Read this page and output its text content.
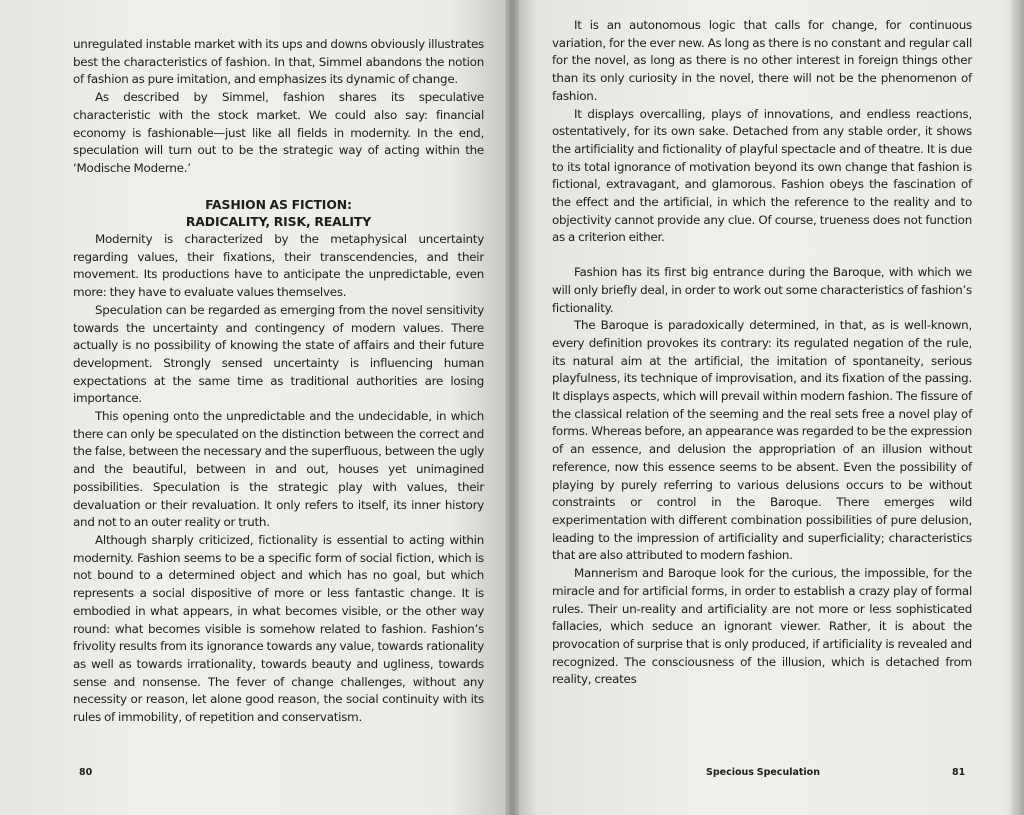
unregulated instable market with its ups and downs obviously illustrates best the characteristics of fashion. In that, Simmel abandons the notion of fashion as pure imitation, and emphasizes its dynamic of change.

As described by Simmel, fashion shares its speculative characteristic with the stock market. We could also say: financial economy is fashionable—just like all fields in modernity. In the end, speculation will turn out to be the strategic way of acting within the ‘Modische Moderne.’

FASHION AS FICTION:
RADICALITY, RISK, REALITY

Modernity is characterized by the metaphysical uncertainty regarding values, their fixations, their transcendencies, and their movement. Its productions have to anticipate the unpredictable, even more: they have to evaluate values themselves.

Speculation can be regarded as emerging from the novel sensitivity towards the uncertainty and contingency of modern values. There actually is no possibility of knowing the state of affairs and their future development. Strongly sensed uncertainty is influencing human expectations at the same time as traditional authorities are losing importance.

This opening onto the unpredictable and the undecidable, in which there can only be speculated on the distinction between the correct and the false, between the necessary and the superfluous, between the ugly and the beautiful, between in and out, houses yet unimagined possibilities. Speculation is the strategic play with values, their devaluation or their revaluation. It only refers to itself, its inner history and not to an outer reality or truth.

Although sharply criticized, fictionality is essential to acting within modernity. Fashion seems to be a specific form of social fiction, which is not bound to a determined object and which has no goal, but which represents a social dispositive of more or less fantastic change. It is embodied in what appears, in what becomes visible, or the other way round: what becomes visible is somehow related to fashion. Fashion’s frivolity results from its ignorance towards any value, towards rationality as well as towards irrationality, towards beauty and ugliness, towards sense and nonsense. The fever of change challenges, without any necessity or reason, let alone good reason, the social continuity with its rules of immobility, of repetition and conservatism.

80

It is an autonomous logic that calls for change, for continuous variation, for the ever new. As long as there is no constant and regular call for the novel, as long as there is no other interest in foreign things other than its only curiosity in the novel, there will not be the phenomenon of fashion.

It displays overcalling, plays of innovations, and endless reactions, ostentatively, for its own sake. Detached from any stable order, it shows the artificiality and fictionality of playful spectacle and of theatre. It is due to its total ignorance of motivation beyond its own change that fashion is fictional, extravagant, and glamorous. Fashion obeys the fascination of the effect and the artificial, in which the reference to the reality and to objectivity cannot provide any clue. Of course, trueness does not function as a criterion either.

Fashion has its first big entrance during the Baroque, with which we will only briefly deal, in order to work out some characteristics of fashion’s fictionality.

The Baroque is paradoxically determined, in that, as is well-known, every definition provokes its contrary: its regulated negation of the rule, its natural aim at the artificial, the imitation of spontaneity, serious playfulness, its technique of improvisation, and its fixation of the passing. It displays aspects, which will prevail within modern fashion. The fissure of the classical relation of the seeming and the real sets free a novel play of forms. Whereas before, an appearance was regarded to be the expression of an essence, and delusion the appropriation of an illusion without reference, now this essence seems to be absent. Even the possibility of playing by purely referring to various delusions occurs to be without constraints or control in the Baroque. There emerges wild experimentation with different combination possibilities of pure delusion, leading to the impression of artificiality and superficiality; characteristics that are also attributed to modern fashion.

Mannerism and Baroque look for the curious, the impossible, for the miracle and for artificial forms, in order to establish a crazy play of formal rules. Their un-reality and artificiality are not more or less sophisticated fallacies, which seduce an ignorant viewer. Rather, it is about the provocation of surprise that is only produced, if artificiality is revealed and recognized. The consciousness of the illusion, which is detached from reality, creates

Specious Speculation	81
